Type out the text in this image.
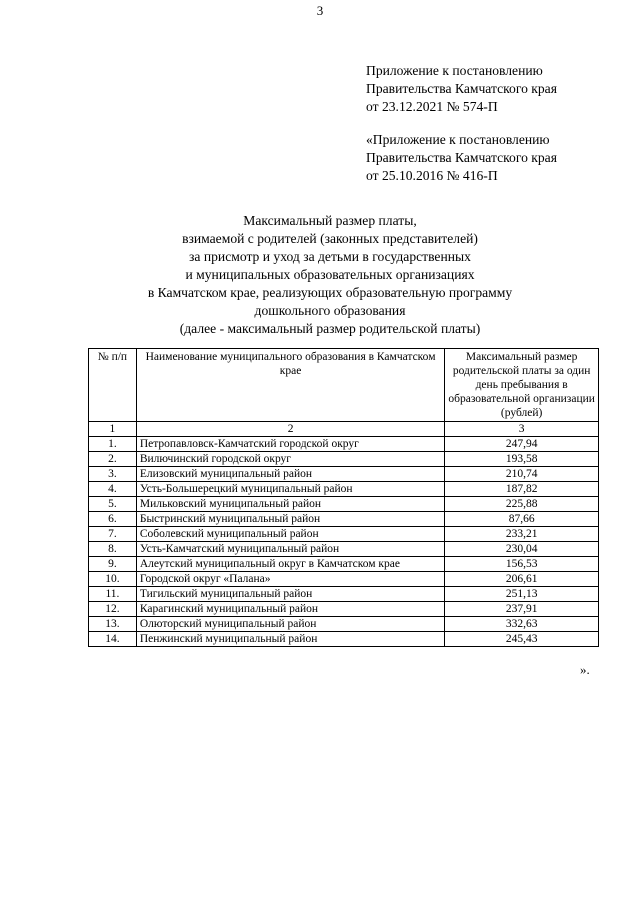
3
Приложение к постановлению
Правительства Камчатского края
от 23.12.2021 № 574-П
«Приложение к постановлению
Правительства Камчатского края
от 25.10.2016 № 416-П
Максимальный размер платы,
взимаемой с родителей (законных представителей)
за присмотр и уход за детьми в государственных
и муниципальных образовательных организациях
в Камчатском крае, реализующих образовательную программу
дошкольного образования
(далее - максимальный размер родительской платы)
№ п/п	Наименование муниципального образования в Камчатском крае	Максимальный размер родительской платы за один день пребывания в образовательной организации (рублей)
1	2	3
1.	Петропавловск-Камчатский городской округ	247,94
2.	Вилючинский городской округ	193,58
3.	Елизовский муниципальный район	210,74
4.	Усть-Большерецкий муниципальный район	187,82
5.	Мильковский муниципальный район	225,88
6.	Быстринский муниципальный район	87,66
7.	Соболевский муниципальный район	233,21
8.	Усть-Камчатский муниципальный район	230,04
9.	Алеутский муниципальный округ в Камчатском крае	156,53
10.	Городской округ «Палана»	206,61
11.	Тигильский муниципальный район	251,13
12.	Карагинский муниципальный район	237,91
13.	Олюторский муниципальный район	332,63
14.	Пенжинский муниципальный район	245,43
».
